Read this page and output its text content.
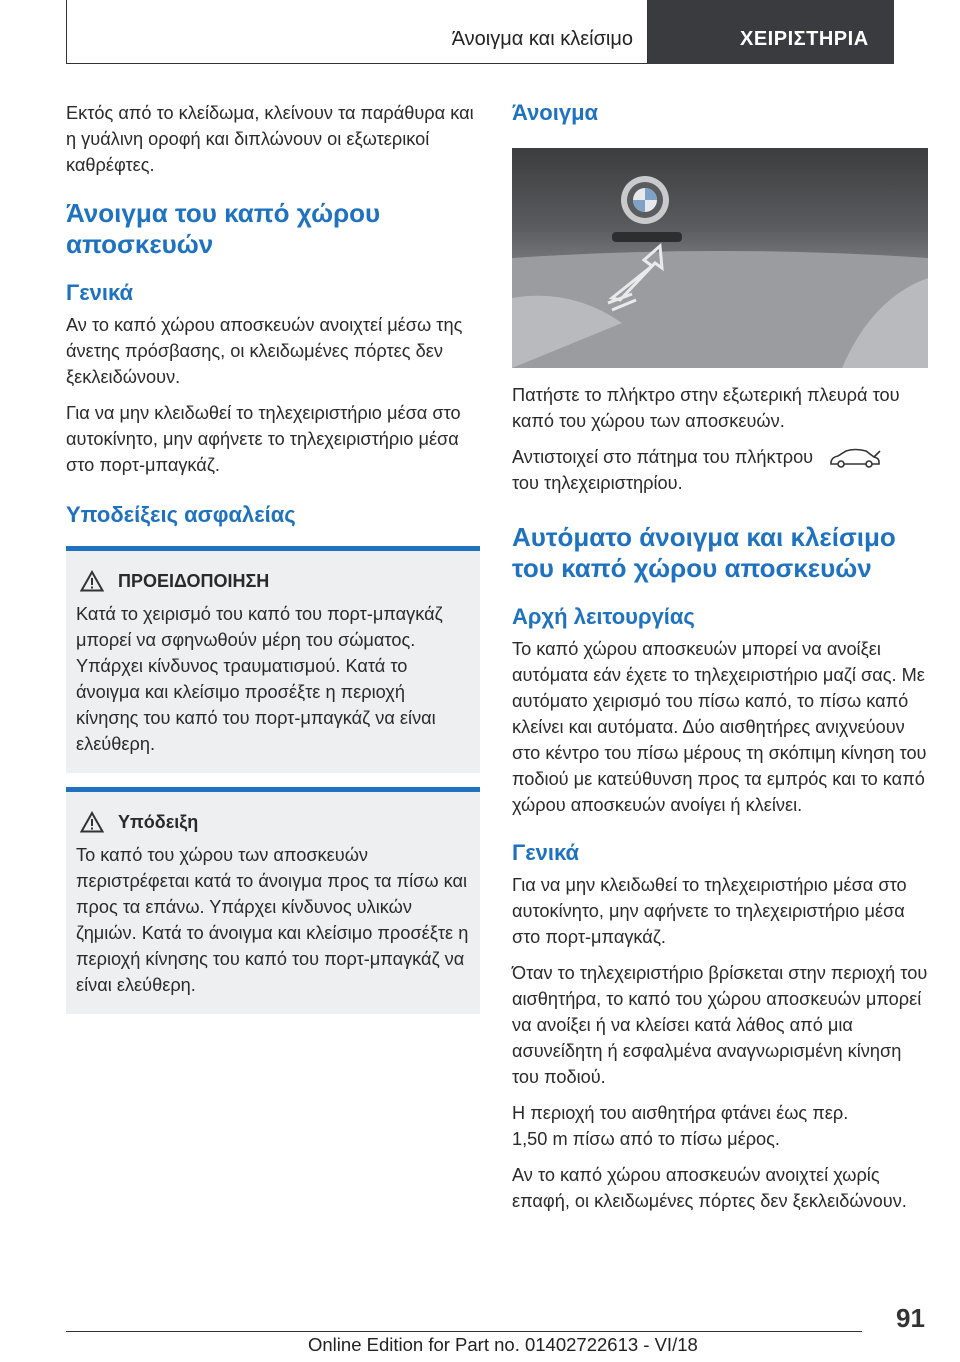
Άνοιγμα και κλείσιμο	ΧΕΙΡΙΣΤΗΡΙΑ

Εκτός από το κλείδωμα, κλείνουν τα παράθυρα και η γυάλινη οροφή και διπλώνουν οι εξωτερικοί καθρέφτες.

Άνοιγμα του καπό χώρου αποσκευών
Γενικά

Αν το καπό χώρου αποσκευών ανοιχτεί μέσω της άνετης πρόσβασης, οι κλειδωμένες πόρτες δεν ξεκλειδώνουν.

Για να μην κλειδωθεί το τηλεχειριστήριο μέσα στο αυτοκίνητο, μην αφήνετε το τηλεχειριστήριο μέσα στο πορτ-μπαγκάζ.

Υποδείξεις ασφαλείας
ΠΡΟΕΙΔΟΠΟΙΗΣΗ

Κατά το χειρισμό του καπό του πορτ-μπαγκάζ μπορεί να σφηνωθούν μέρη του σώματος. Υπάρχει κίνδυνος τραυματισμού. Κατά το άνοιγμα και κλείσιμο προσέξτε η περιοχή κίνησης του καπό του πορτ-μπαγκάζ να είναι ελεύθερη.

Υπόδειξη

Το καπό του χώρου των αποσκευών περιστρέφεται κατά το άνοιγμα προς τα πίσω και προς τα επάνω. Υπάρχει κίνδυνος υλικών ζημιών. Κατά το άνοιγμα και κλείσιμο προσέξτε η περιοχή κίνησης του καπό του πορτ-μπαγκάζ να είναι ελεύθερη.

Άνοιγμα

Πατήστε το πλήκτρο στην εξωτερική πλευρά του καπό του χώρου των αποσκευών.

Αντιστοιχεί στο πάτημα του πλήκτρου  του τηλεχειριστηρίου.

Αυτόματο άνοιγμα και κλείσιμο του καπό χώρου αποσκευών
Αρχή λειτουργίας

Το καπό χώρου αποσκευών μπορεί να ανοίξει αυτόματα εάν έχετε το τηλεχειριστήριο μαζί σας. Με αυτόματο χειρισμό του πίσω καπό, το πίσω καπό κλείνει και αυτόματα. Δύο αισθητήρες ανιχνεύουν στο κέντρο του πίσω μέρους τη σκόπιμη κίνηση του ποδιού με κατεύθυνση προς τα εμπρός και το καπό χώρου αποσκευών ανοίγει ή κλείνει.

Γενικά

Για να μην κλειδωθεί το τηλεχειριστήριο μέσα στο αυτοκίνητο, μην αφήνετε το τηλεχειριστήριο μέσα στο πορτ-μπαγκάζ.

Όταν το τηλεχειριστήριο βρίσκεται στην περιοχή του αισθητήρα, το καπό του χώρου αποσκευών μπορεί να ανοίξει ή να κλείσει κατά λάθος από μια ασυνείδητη ή εσφαλμένα αναγνωρισμένη κίνηση του ποδιού.

Η περιοχή του αισθητήρα φτάνει έως περ.
1,50 m πίσω από το πίσω μέρος.

Αν το καπό χώρου αποσκευών ανοιχτεί χωρίς επαφή, οι κλειδωμένες πόρτες δεν ξεκλειδώνουν.

91
Online Edition for Part no. 01402722613 - VI/18
